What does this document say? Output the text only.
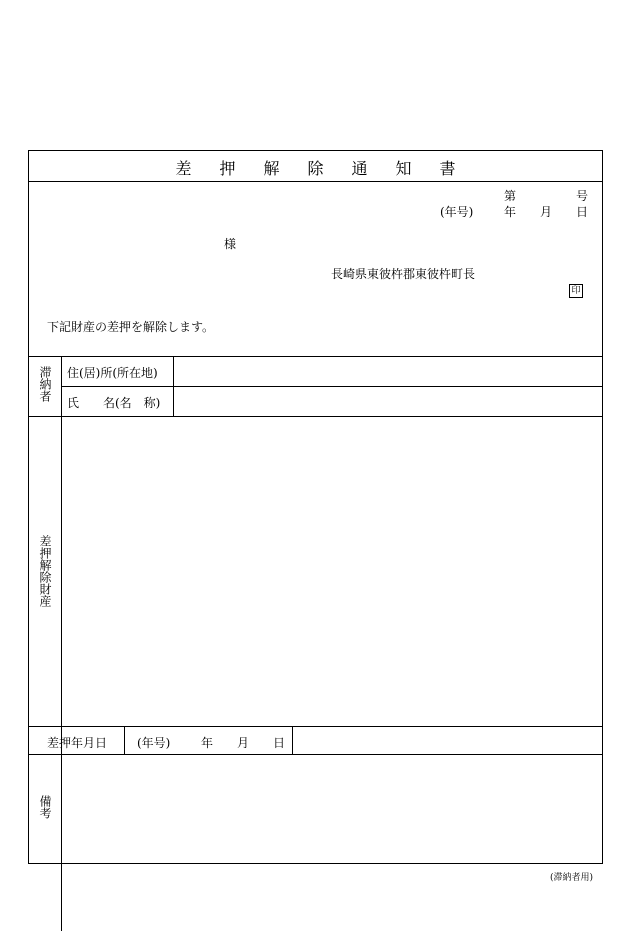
差押解除通知書
第	号
(年号)	年 月 日
様
長崎県東彼杵郡東彼杵町長
印
下記財産の差押を解除します。
滞納者 住(居)所(所在地)
氏　　名(名　称)
差押解除財産
差押年月日 (年号)	年 月 日
備考
(滞納者用)
